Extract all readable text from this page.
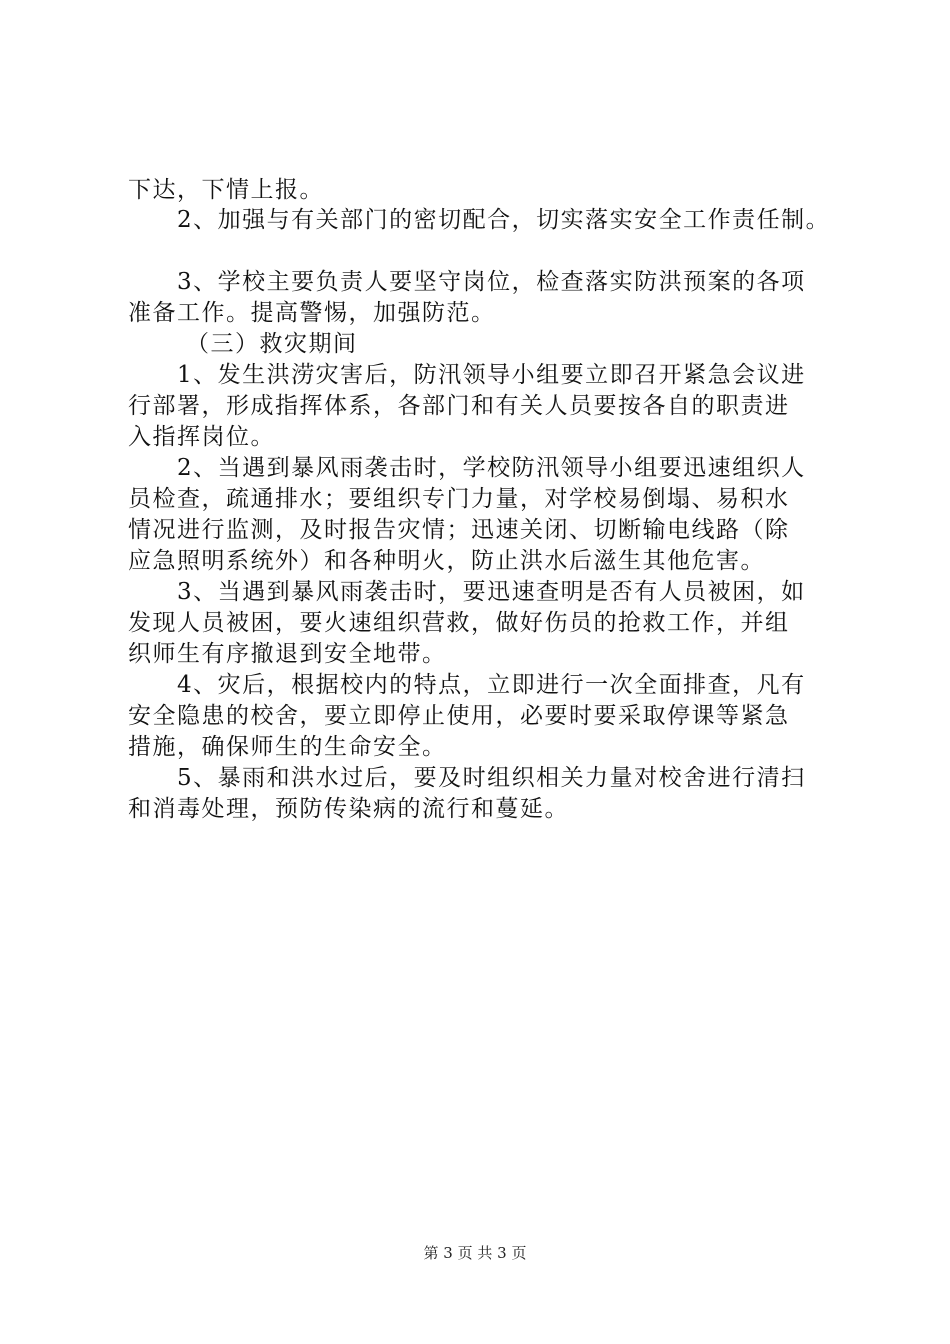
下达，下情上报。
2、加强与有关部门的密切配合，切实落实安全工作责任制。
3、学校主要负责人要坚守岗位，检查落实防洪预案的各项
准备工作。提高警惕，加强防范。
（三）救灾期间
1、发生洪涝灾害后，防汛领导小组要立即召开紧急会议进
行部署，形成指挥体系，各部门和有关人员要按各自的职责进
入指挥岗位。
2、当遇到暴风雨袭击时，学校防汛领导小组要迅速组织人
员检查，疏通排水；要组织专门力量，对学校易倒塌、易积水
情况进行监测，及时报告灾情；迅速关闭、切断输电线路（除
应急照明系统外）和各种明火，防止洪水后滋生其他危害。
3、当遇到暴风雨袭击时，要迅速查明是否有人员被困，如
发现人员被困，要火速组织营救，做好伤员的抢救工作，并组
织师生有序撤退到安全地带。
4、灾后，根据校内的特点，立即进行一次全面排查，凡有
安全隐患的校舍，要立即停止使用，必要时要采取停课等紧急
措施，确保师生的生命安全。
5、暴雨和洪水过后，要及时组织相关力量对校舍进行清扫
和消毒处理，预防传染病的流行和蔓延。
第 3 页 共 3 页
